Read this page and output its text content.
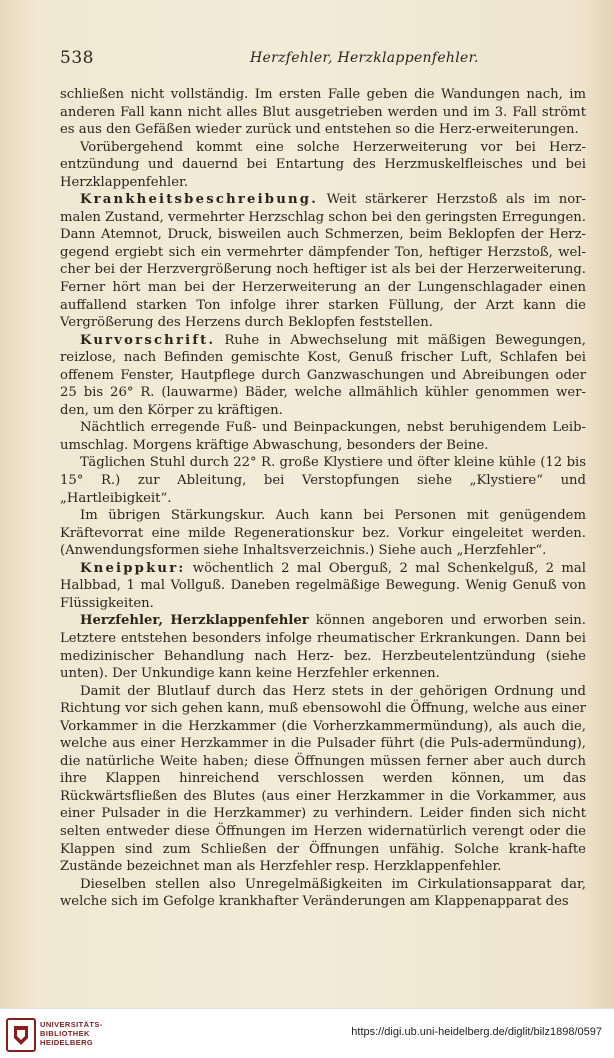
538	Herzfehler, Herzklappenfehler.

schließen nicht vollständig. Im ersten Falle geben die Wandungen nach, im anderen Fall kann nicht alles Blut ausgetrieben werden und im 3. Fall strömt es aus den Gefäßen wieder zurück und entstehen so die Herz-erweiterungen.

Vorübergehend kommt eine solche Herzerweiterung vor bei Herz-entzündung und dauernd bei Entartung des Herzmuskelfleisches und bei Herzklappenfehler.

Krankheitsbeschreibung. Weit stärkerer Herzstoß als im nor-malen Zustand, vermehrter Herzschlag schon bei den geringsten Erregungen. Dann Atemnot, Druck, bisweilen auch Schmerzen, beim Beklopfen der Herz-gegend ergiebt sich ein vermehrter dämpfender Ton, heftiger Herzstoß, wel-cher bei der Herzvergrößerung noch heftiger ist als bei der Herzerweiterung. Ferner hört man bei der Herzerweiterung an der Lungenschlagader einen auffallend starken Ton infolge ihrer starken Füllung, der Arzt kann die Vergrößerung des Herzens durch Beklopfen feststellen.

Kurvorschrift. Ruhe in Abwechselung mit mäßigen Bewegungen, reizlose, nach Befinden gemischte Kost, Genuß frischer Luft, Schlafen bei offenem Fenster, Hautpflege durch Ganzwaschungen und Abreibungen oder 25 bis 26° R. (lauwarme) Bäder, welche allmählich kühler genommen wer-den, um den Körper zu kräftigen.

Nächtlich erregende Fuß- und Beinpackungen, nebst beruhigendem Leib-umschlag. Morgens kräftige Abwaschung, besonders der Beine.

Täglichen Stuhl durch 22° R. große Klystiere und öfter kleine kühle (12 bis 15° R.) zur Ableitung, bei Verstopfungen siehe „Klystiere“ und „Hartleibigkeit“.

Im übrigen Stärkungskur. Auch kann bei Personen mit genügendem Kräftevorrat eine milde Regenerationskur bez. Vorkur eingeleitet werden. (Anwendungsformen siehe Inhaltsverzeichnis.) Siehe auch „Herzfehler“.

Kneippkur: wöchentlich 2 mal Oberguß, 2 mal Schenkelguß, 2 mal Halbbad, 1 mal Vollguß. Daneben regelmäßige Bewegung. Wenig Genuß von Flüssigkeiten.

Herzfehler, Herzklappenfehler können angeboren und erworben sein. Letztere entstehen besonders infolge rheumatischer Erkrankungen. Dann bei medizinischer Behandlung nach Herz- bez. Herzbeutelentzündung (siehe unten). Der Unkundige kann keine Herzfehler erkennen.

Damit der Blutlauf durch das Herz stets in der gehörigen Ordnung und Richtung vor sich gehen kann, muß ebensowohl die Öffnung, welche aus einer Vorkammer in die Herzkammer (die Vorherzkammermündung), als auch die, welche aus einer Herzkammer in die Pulsader führt (die Puls-adermündung), die natürliche Weite haben; diese Öffnungen müssen ferner aber auch durch ihre Klappen hinreichend verschlossen werden können, um das Rückwärtsfließen des Blutes (aus einer Herzkammer in die Vorkammer, aus einer Pulsader in die Herzkammer) zu verhindern. Leider finden sich nicht selten entweder diese Öffnungen im Herzen widernatürlich verengt oder die Klappen sind zum Schließen der Öffnungen unfähig. Solche krank-hafte Zustände bezeichnet man als Herzfehler resp. Herzklappenfehler.

Dieselben stellen also Unregelmäßigkeiten im Cirkulationsapparat dar, welche sich im Gefolge krankhafter Veränderungen am Klappenapparat des

UNIVERSITÄTS-
BIBLIOTHEK
HEIDELBERG
https://digi.ub.uni-heidelberg.de/diglit/bilz1898/0597
